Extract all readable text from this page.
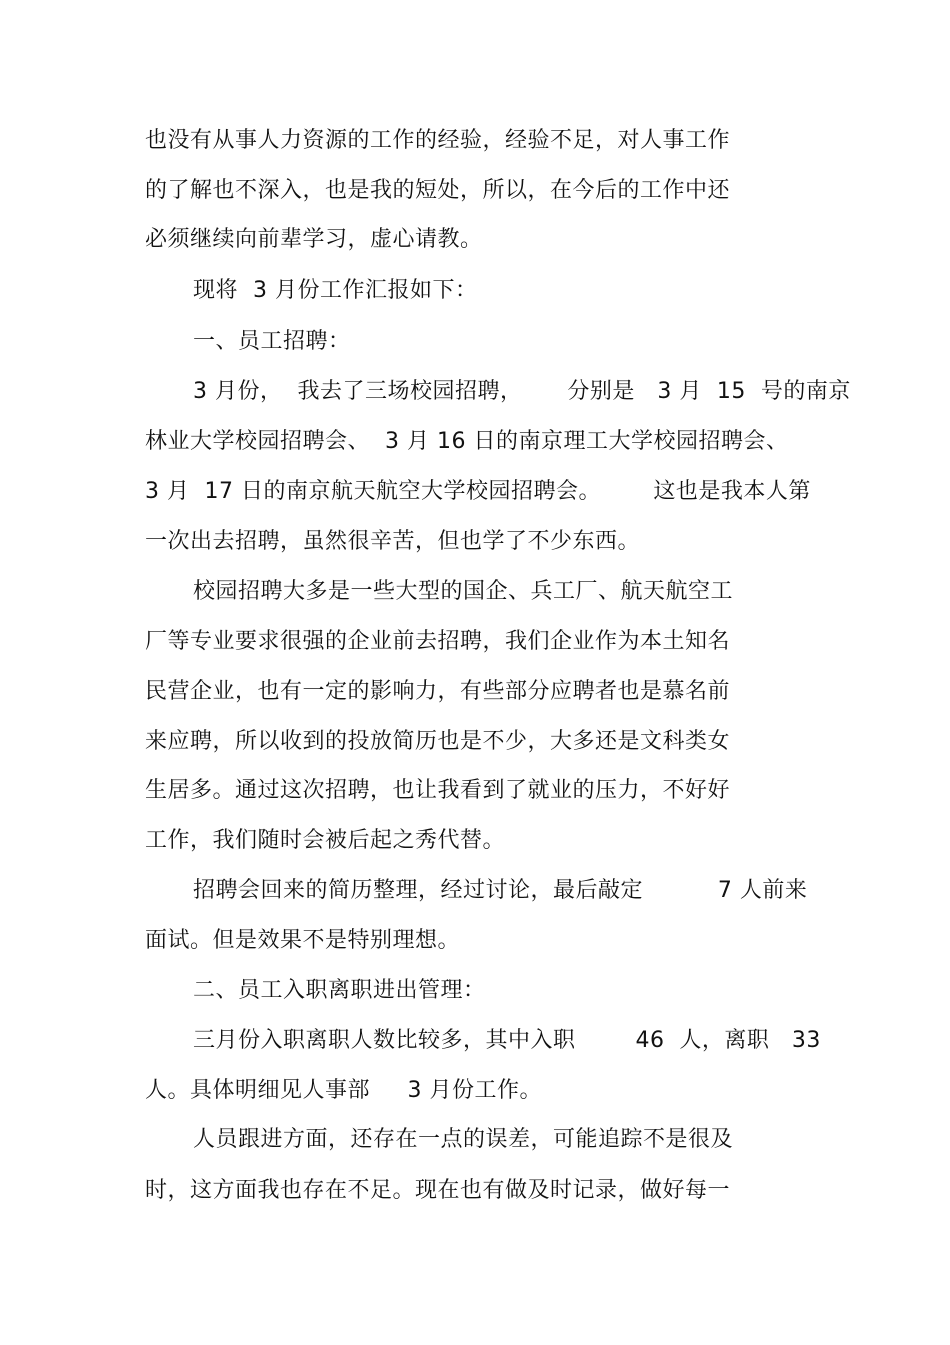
也没有从事人力资源的工作的经验，经验不足，对人事工作

的了解也不深入，也是我的短处，所以，在今后的工作中还

必须继续向前辈学习，虚心请教。

现将  3 月份工作汇报如下：

一、员工招聘：

3 月份，  我去了三场校园招聘，      分别是   3 月  15  号的南京

林业大学校园招聘会、  3 月 16 日的南京理工大学校园招聘会、

3 月  17 日的南京航天航空大学校园招聘会。       这也是我本人第

一次出去招聘，虽然很辛苦，但也学了不少东西。

校园招聘大多是一些大型的国企、兵工厂、航天航空工

厂等专业要求很强的企业前去招聘，我们企业作为本土知名

民营企业，也有一定的影响力，有些部分应聘者也是慕名前

来应聘，所以收到的投放简历也是不少，大多还是文科类女

生居多。通过这次招聘，也让我看到了就业的压力，不好好

工作，我们随时会被后起之秀代替。

招聘会回来的简历整理，经过讨论，最后敲定          7 人前来

面试。但是效果不是特别理想。

二、员工入职离职进出管理：

三月份入职离职人数比较多，其中入职        46  人，离职   33

人。具体明细见人事部     3 月份工作。

人员跟进方面，还存在一点的误差，可能追踪不是很及

时，这方面我也存在不足。现在也有做及时记录，做好每一
